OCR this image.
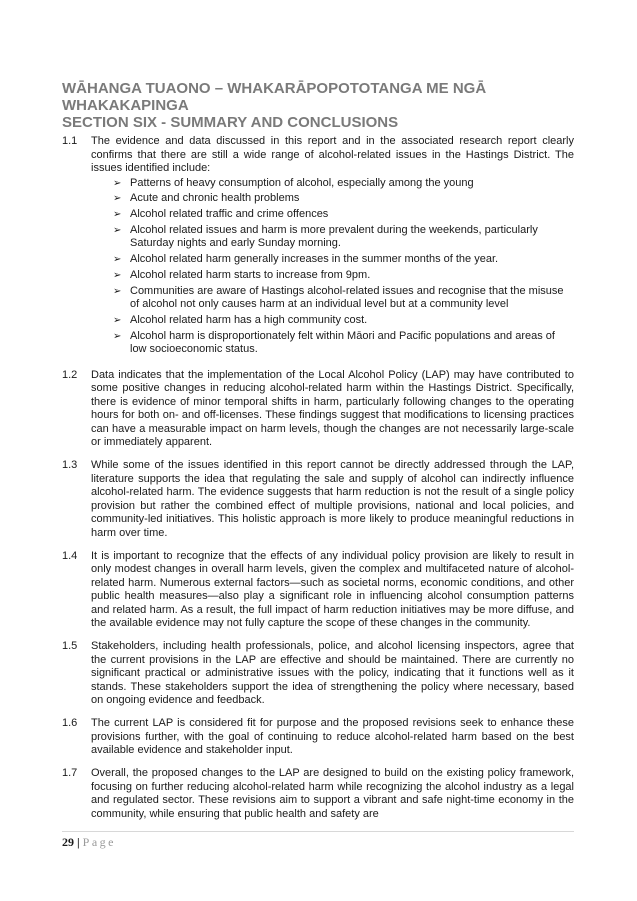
WĀHANGA TUAONO – WHAKARĀPOPOTOTANGA ME NGĀ
WHAKAKAPINGA
SECTION SIX - SUMMARY AND CONCLUSIONS
1.1	The evidence and data discussed in this report and in the associated research report clearly confirms that there are still a wide range of alcohol-related issues in the Hastings District. The issues identified include:

➢ Patterns of heavy consumption of alcohol, especially among the young
➢ Acute and chronic health problems
➢ Alcohol related traffic and crime offences
➢ Alcohol related issues and harm is more prevalent during the weekends, particularly Saturday nights and early Sunday morning.
➢ Alcohol related harm generally increases in the summer months of the year.
➢ Alcohol related harm starts to increase from 9pm.
➢ Communities are aware of Hastings alcohol-related issues and recognise that the misuse of alcohol not only causes harm at an individual level but at a community level
➢ Alcohol related harm has a high community cost.
➢ Alcohol harm is disproportionately felt within Māori and Pacific populations and areas of low socioeconomic status.
1.2	Data indicates that the implementation of the Local Alcohol Policy (LAP) may have contributed to some positive changes in reducing alcohol-related harm within the Hastings District. Specifically, there is evidence of minor temporal shifts in harm, particularly following changes to the operating hours for both on- and off-licenses. These findings suggest that modifications to licensing practices can have a measurable impact on harm levels, though the changes are not necessarily large-scale or immediately apparent.

1.3	While some of the issues identified in this report cannot be directly addressed through the LAP, literature supports the idea that regulating the sale and supply of alcohol can indirectly influence alcohol-related harm. The evidence suggests that harm reduction is not the result of a single policy provision but rather the combined effect of multiple provisions, national and local policies, and community-led initiatives. This holistic approach is more likely to produce meaningful reductions in harm over time.

1.4	It is important to recognize that the effects of any individual policy provision are likely to result in only modest changes in overall harm levels, given the complex and multifaceted nature of alcohol-related harm. Numerous external factors—such as societal norms, economic conditions, and other public health measures—also play a significant role in influencing alcohol consumption patterns and related harm. As a result, the full impact of harm reduction initiatives may be more diffuse, and the available evidence may not fully capture the scope of these changes in the community.

1.5	Stakeholders, including health professionals, police, and alcohol licensing inspectors, agree that the current provisions in the LAP are effective and should be maintained. There are currently no significant practical or administrative issues with the policy, indicating that it functions well as it stands. These stakeholders support the idea of strengthening the policy where necessary, based on ongoing evidence and feedback.

1.6	The current LAP is considered fit for purpose and the proposed revisions seek to enhance these provisions further, with the goal of continuing to reduce alcohol-related harm based on the best available evidence and stakeholder input.

1.7	Overall, the proposed changes to the LAP are designed to build on the existing policy framework, focusing on further reducing alcohol-related harm while recognizing the alcohol industry as a legal and regulated sector. These revisions aim to support a vibrant and safe night-time economy in the community, while ensuring that public health and safety are

29 | Page
